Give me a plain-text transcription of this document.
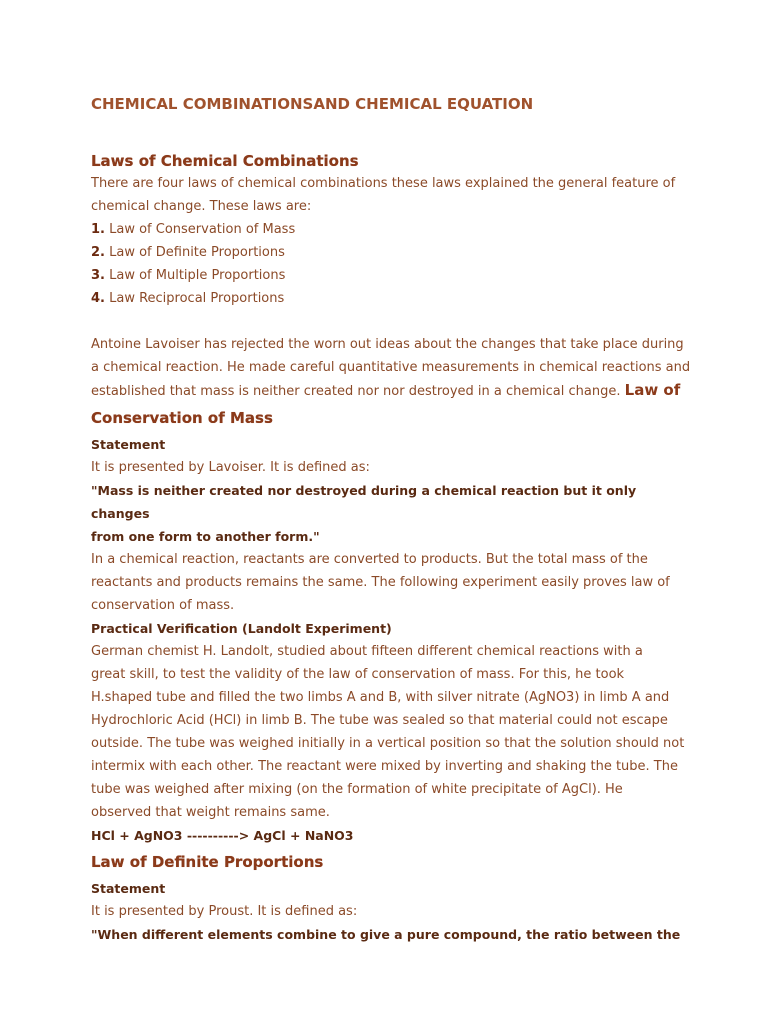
CHEMICAL COMBINATIONSAND CHEMICAL EQUATION
Laws of Chemical Combinations

There are four laws of chemical combinations these laws explained the general feature of

chemical change. These laws are:

1. Law of Conservation of Mass

2. Law of Definite Proportions

3. Law of Multiple Proportions

4. Law Reciprocal Proportions

Antoine Lavoiser has rejected the worn out ideas about the changes that take place during

a chemical reaction. He made careful quantitative measurements in chemical reactions and

established that mass is neither created nor nor destroyed in a chemical change. Law of

Conservation of Mass
Statement

It is presented by Lavoiser. It is defined as:

"Mass is neither created nor destroyed during a chemical reaction but it only changes
from one form to another form."

In a chemical reaction, reactants are converted to products. But the total mass of the

reactants and products remains the same. The following experiment easily proves law of

conservation of mass.

Practical Verification (Landolt Experiment)

German chemist H. Landolt, studied about fifteen different chemical reactions with a

great skill, to test the validity of the law of conservation of mass. For this, he took

H.shaped tube and filled the two limbs A and B, with silver nitrate (AgNO3) in limb A and

Hydrochloric Acid (HCl) in limb B. The tube was sealed so that material could not escape

outside. The tube was weighed initially in a vertical position so that the solution should not

intermix with each other. The reactant were mixed by inverting and shaking the tube. The

tube was weighed after mixing (on the formation of white precipitate of AgCl). He

observed that weight remains same.

HCl + AgNO3 ----------> AgCl + NaNO3
Law of Definite Proportions
Statement

It is presented by Proust. It is defined as:

"When different elements combine to give a pure compound, the ratio between the
